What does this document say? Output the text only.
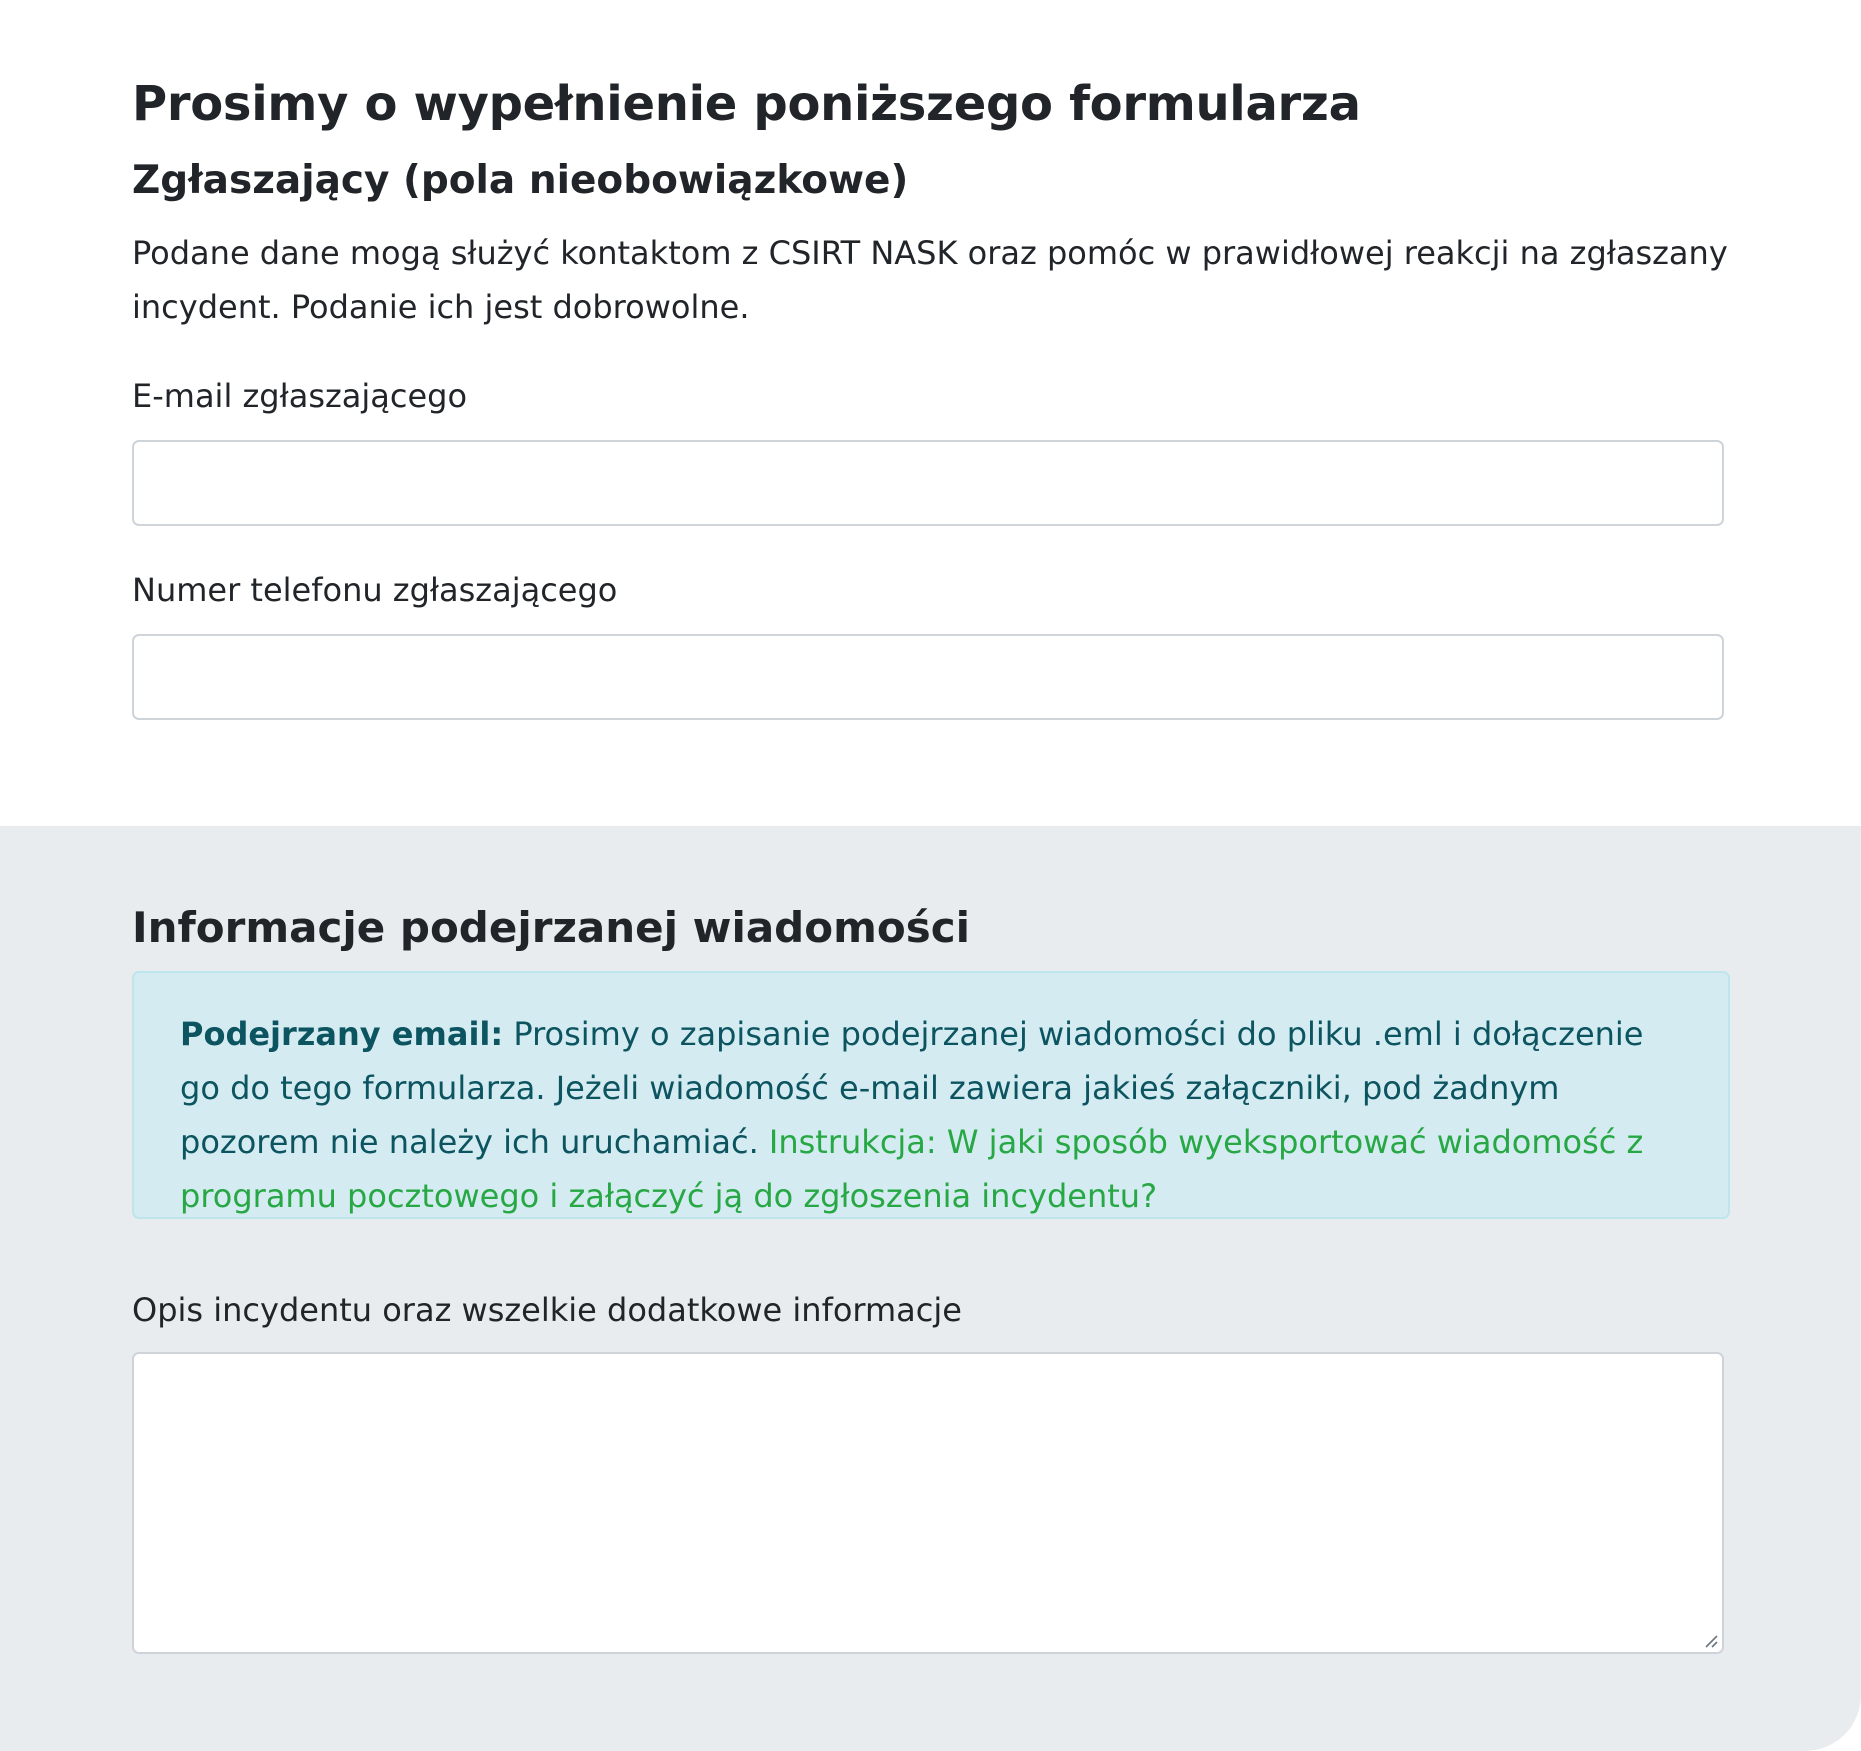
Prosimy o wypełnienie poniższego formularza
Zgłaszający (pola nieobowiązkowe)
Podane dane mogą służyć kontaktom z CSIRT NASK oraz pomóc w prawidłowej reakcji na zgłaszany incydent. Podanie ich jest dobrowolne.
E-mail zgłaszającego
Numer telefonu zgłaszającego
Informacje podejrzanej wiadomości
Podejrzany email: Prosimy o zapisanie podejrzanej wiadomości do pliku .eml i dołączenie go do tego formularza. Jeżeli wiadomość e-mail zawiera jakieś załączniki, pod żadnym pozorem nie należy ich uruchamiać. Instrukcja: W jaki sposób wyeksportować wiadomość z programu pocztowego i załączyć ją do zgłoszenia incydentu?
Opis incydentu oraz wszelkie dodatkowe informacje
